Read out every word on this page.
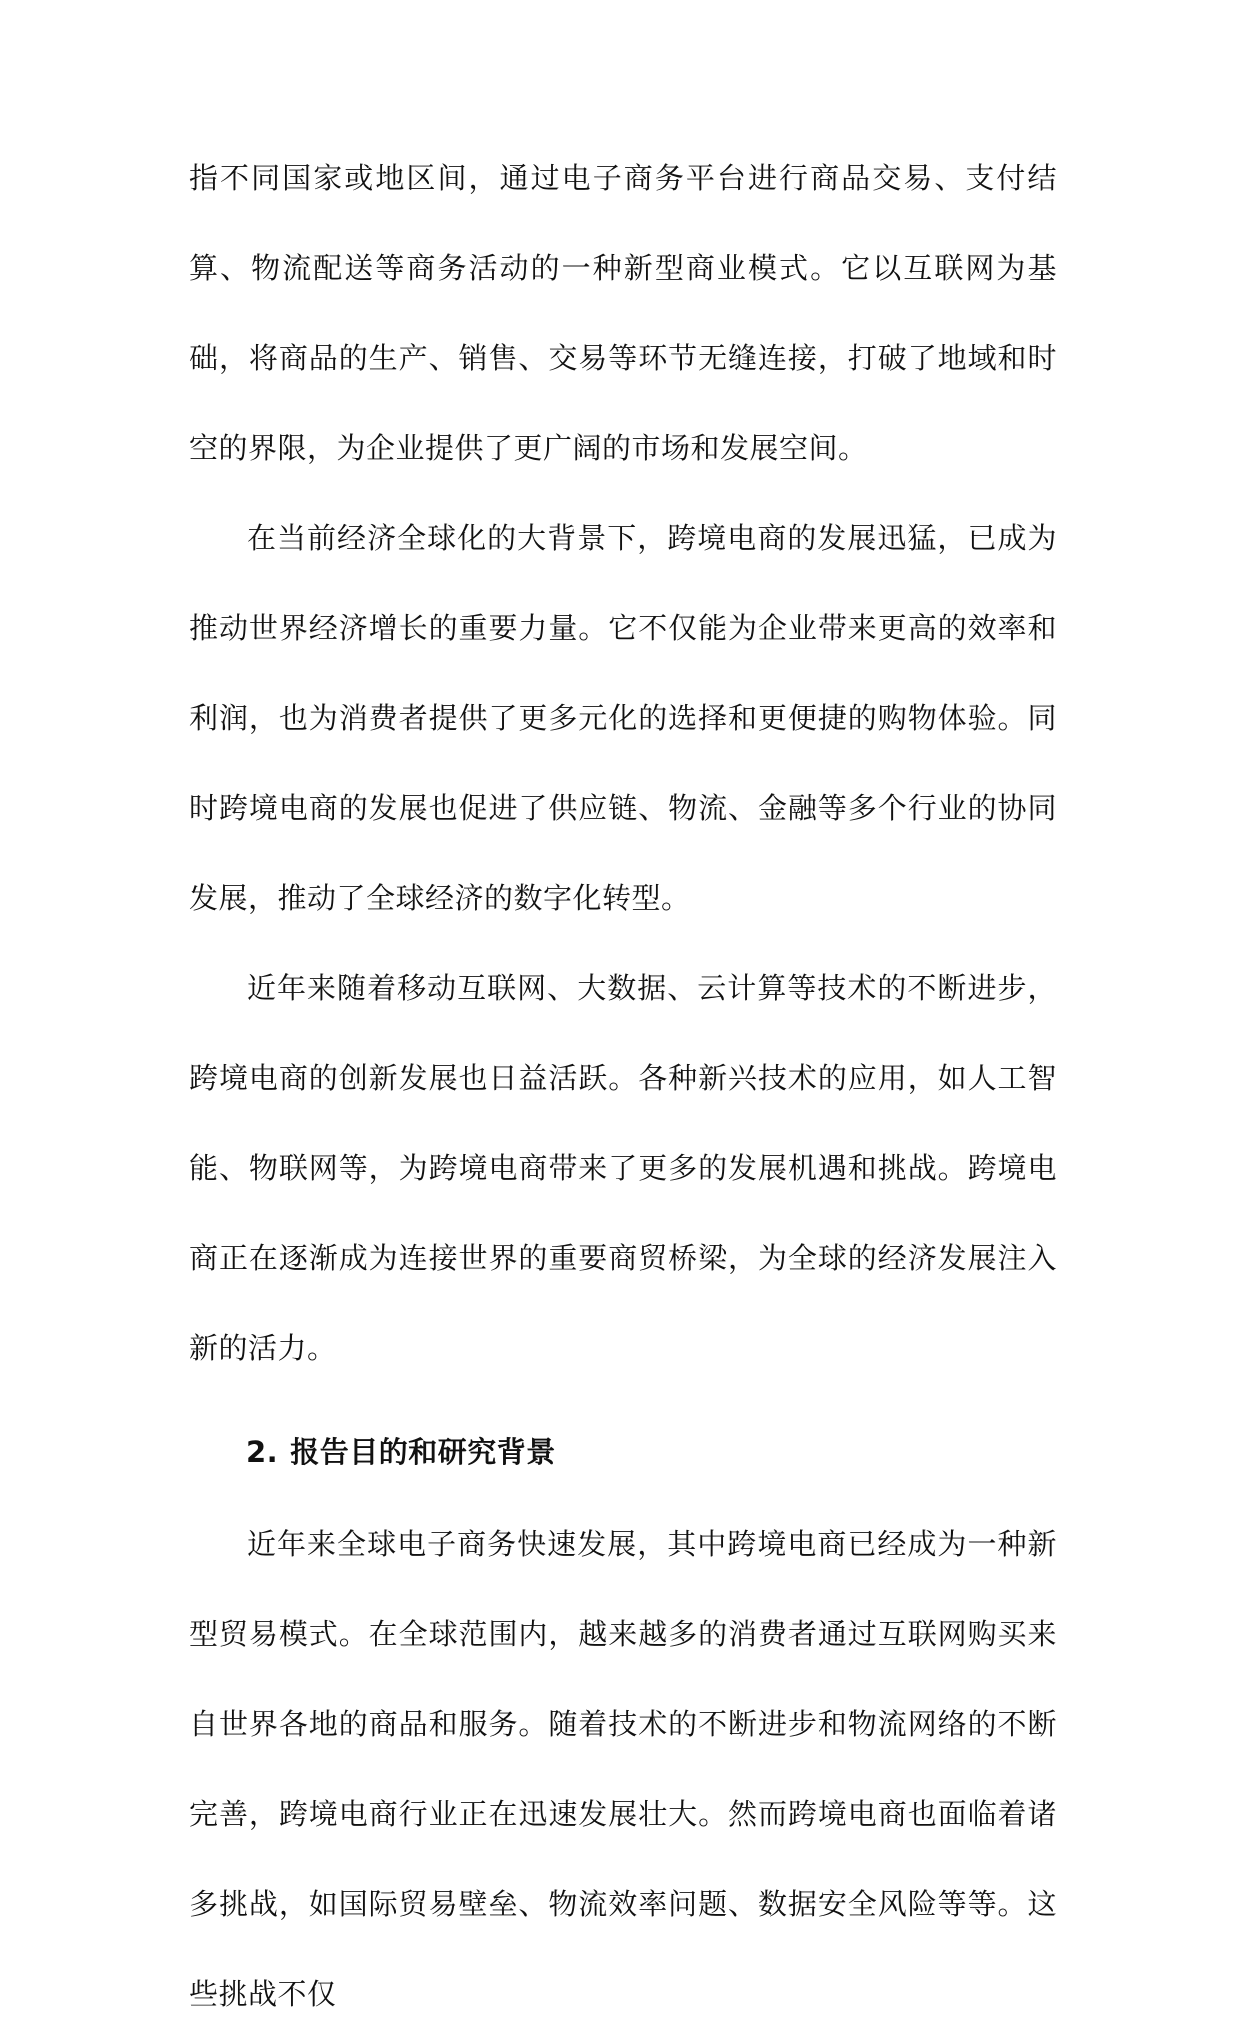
指不同国家或地区间，通过电子商务平台进行商品交易、支付结算、物流配送等商务活动的一种新型商业模式。它以互联网为基础，将商品的生产、销售、交易等环节无缝连接，打破了地域和时空的界限，为企业提供了更广阔的市场和发展空间。

在当前经济全球化的大背景下，跨境电商的发展迅猛，已成为推动世界经济增长的重要力量。它不仅能为企业带来更高的效率和利润，也为消费者提供了更多元化的选择和更便捷的购物体验。同时跨境电商的发展也促进了供应链、物流、金融等多个行业的协同发展，推动了全球经济的数字化转型。

近年来随着移动互联网、大数据、云计算等技术的不断进步，跨境电商的创新发展也日益活跃。各种新兴技术的应用，如人工智能、物联网等，为跨境电商带来了更多的发展机遇和挑战。跨境电商正在逐渐成为连接世界的重要商贸桥梁，为全球的经济发展注入新的活力。

2. 报告目的和研究背景

近年来全球电子商务快速发展，其中跨境电商已经成为一种新型贸易模式。在全球范围内，越来越多的消费者通过互联网购买来自世界各地的商品和服务。随着技术的不断进步和物流网络的不断完善，跨境电商行业正在迅速发展壮大。然而跨境电商也面临着诸多挑战，如国际贸易壁垒、物流效率问题、数据安全风险等等。这些挑战不仅
